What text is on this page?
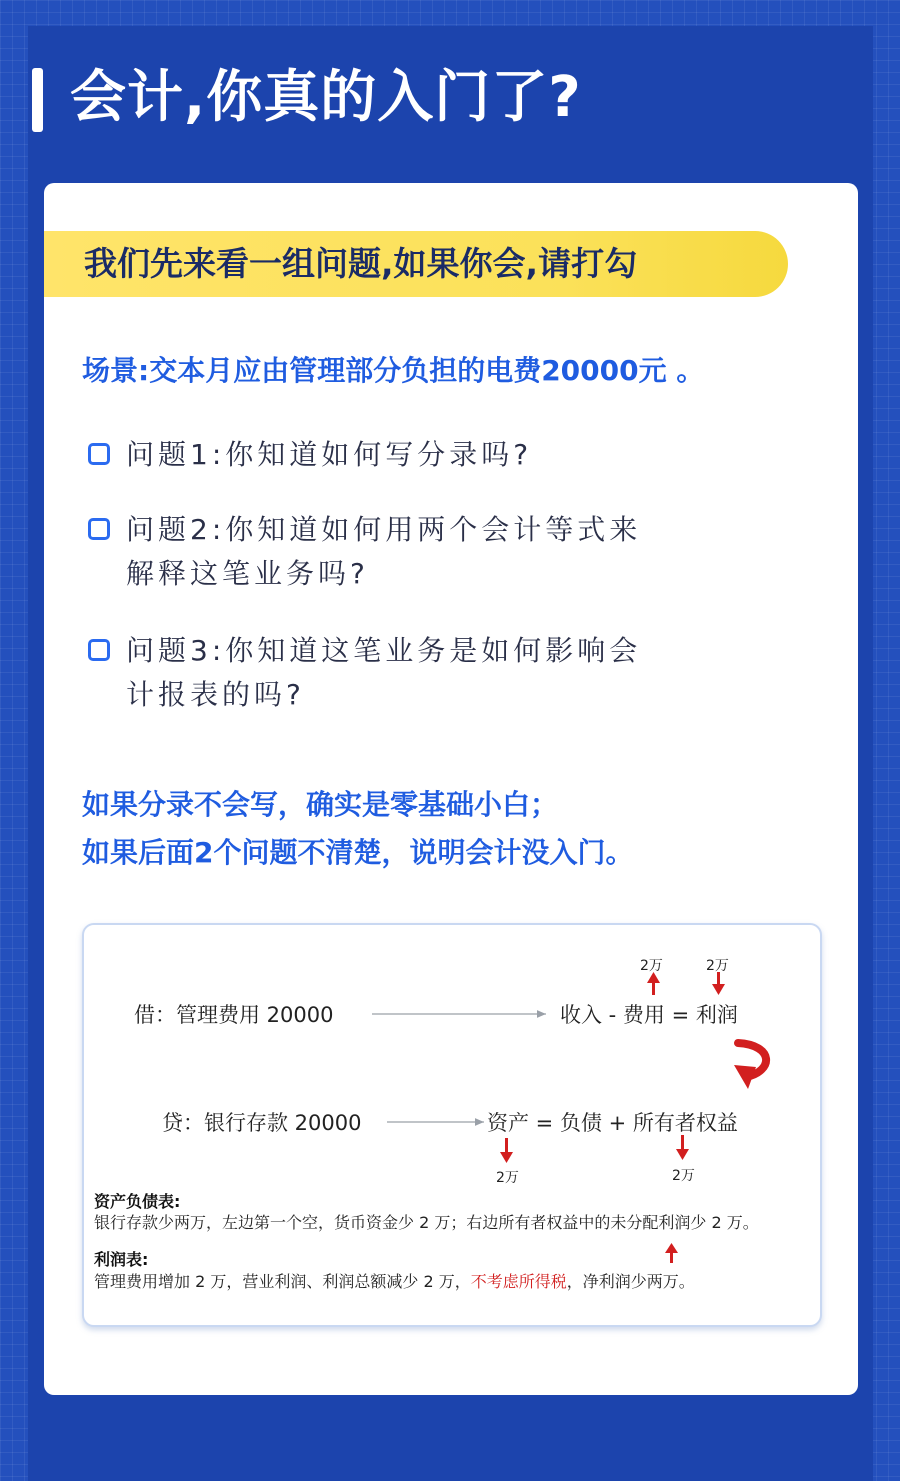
会计,你真的入门了?
我们先来看一组问题,如果你会,请打勾
场景:交本月应由管理部分负担的电费20000元 。
问题1:你知道如何写分录吗?
问题2:你知道如何用两个会计等式来
解释这笔业务吗?
问题3:你知道这笔业务是如何影响会
计报表的吗?
如果分录不会写，确实是零基础小白；
如果后面2个问题不清楚，说明会计没入门。
2万	2万
借：管理费用 20000	收入 - 费用 = 利润
贷：银行存款 20000	资产 = 负债 + 所有者权益
2万	2万
资产负债表:
银行存款少两万，左边第一个空，货币资金少 2 万；右边所有者权益中的未分配利润少 2 万。
利润表:
管理费用增加 2 万，营业利润、利润总额减少 2 万，不考虑所得税，净利润少两万。
